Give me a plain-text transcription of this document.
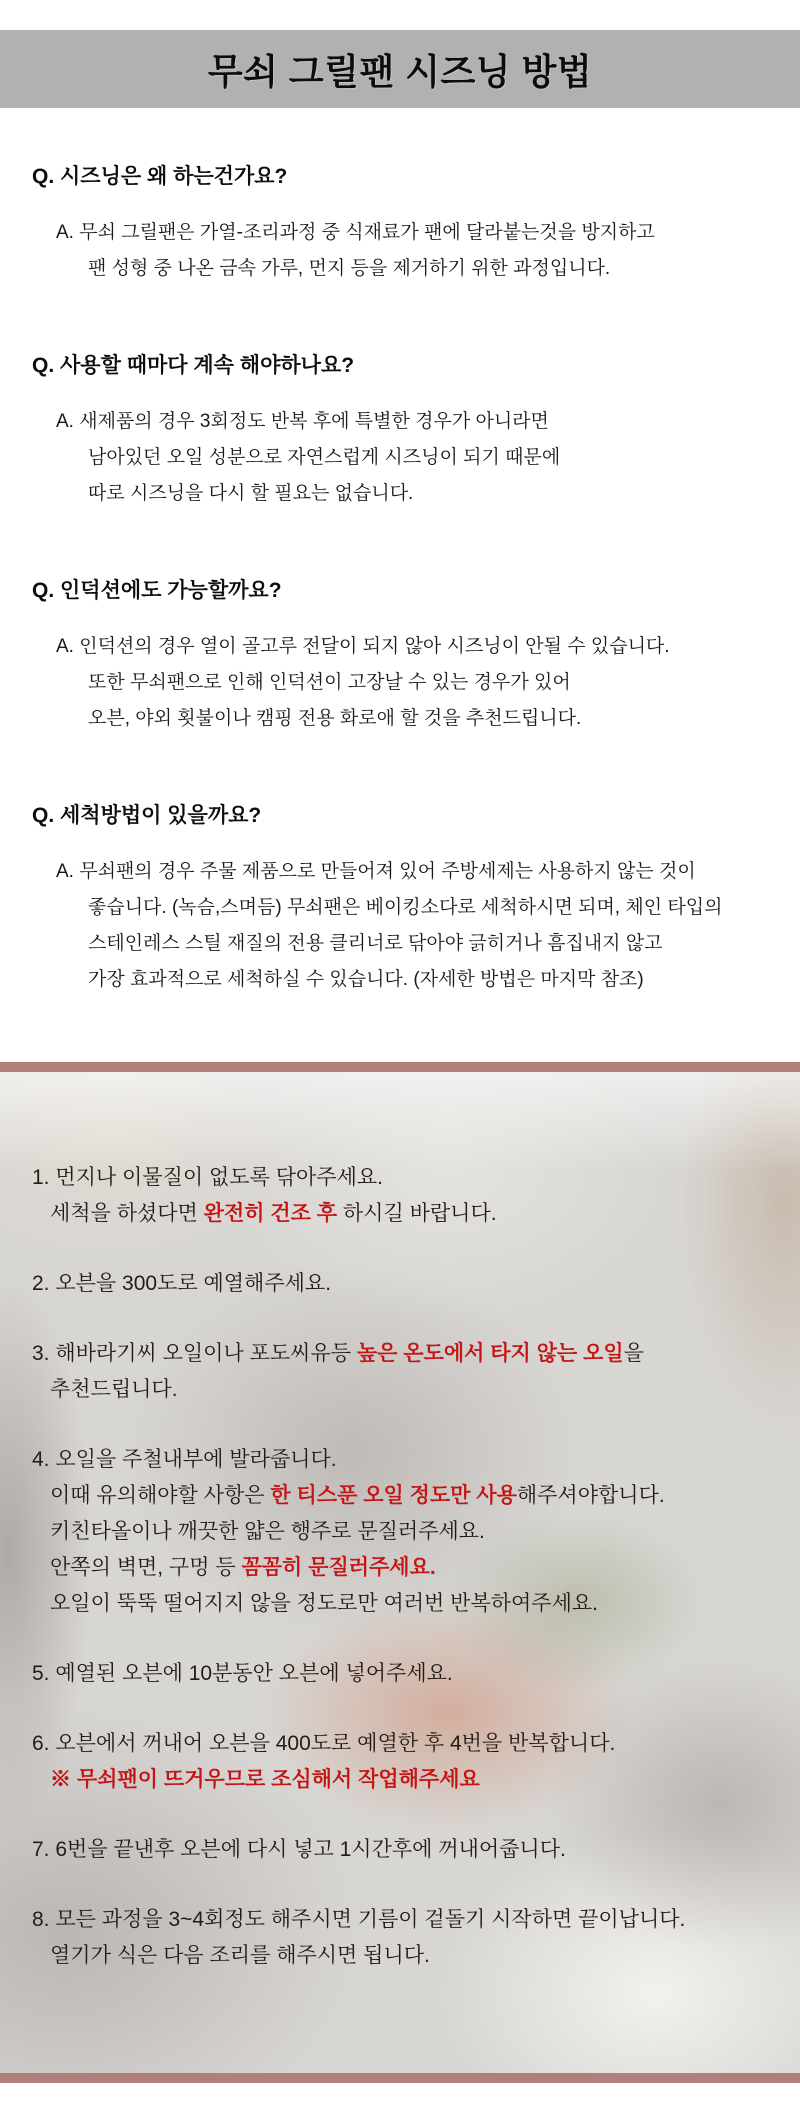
무쇠 그릴팬 시즈닝 방법
Q. 시즈닝은 왜 하는건가요?
A. 무쇠 그릴팬은 가열-조리과정 중 식재료가 팬에 달라붙는것을 방지하고
팬 성형 중 나온 금속 가루, 먼지 등을 제거하기 위한 과정입니다.
Q. 사용할 때마다 계속 해야하나요?
A. 새제품의 경우 3회정도 반복 후에 특별한 경우가 아니라면
남아있던 오일 성분으로 자연스럽게 시즈닝이 되기 때문에
따로 시즈닝을 다시 할 필요는 없습니다.
Q. 인덕션에도 가능할까요?
A. 인덕션의 경우 열이 골고루 전달이 되지 않아 시즈닝이 안될 수 있습니다.
또한 무쇠팬으로 인해 인덕션이 고장날 수 있는 경우가 있어
오븐, 야외 횟불이나 캠핑 전용 화로애 할 것을 추천드립니다.
Q. 세척방법이 있을까요?
A. 무쇠팬의 경우 주물 제품으로 만들어져 있어 주방세제는 사용하지 않는 것이
좋습니다. (녹슴,스며듬) 무쇠팬은 베이킹소다로 세척하시면 되며, 체인 타입의
스테인레스 스틸 재질의 전용 클리너로 닦아야 긁히거나 흠집내지 않고
가장 효과적으로 세척하실 수 있습니다. (자세한 방법은 마지막 참조)
1. 먼지나 이물질이 없도록 닦아주세요.
세척을 하셨다면 완전히 건조 후 하시길 바랍니다.
2. 오븐을 300도로 예열해주세요.
3. 해바라기씨 오일이나 포도씨유등 높은 온도에서 타지 않는 오일을
추천드립니다.
4. 오일을 주철내부에 발라줍니다.
이때 유의해야할 사항은 한 티스푼 오일 정도만 사용해주셔야합니다.
키친타올이나 깨끗한 얇은 행주로 문질러주세요.
안쪽의 벽면, 구멍 등 꼼꼼히 문질러주세요.
오일이 뚝뚝 떨어지지 않을 정도로만 여러번 반복하여주세요.
5. 예열된 오븐에 10분동안 오븐에 넣어주세요.
6. 오븐에서 꺼내어 오븐을 400도로 예열한 후 4번을 반복합니다.
※ 무쇠팬이 뜨거우므로 조심해서 작업해주세요
7. 6번을 끝낸후 오븐에 다시 넣고 1시간후에 꺼내어줍니다.
8. 모든 과정을 3~4회정도 해주시면 기름이 겉돌기 시작하면 끝이납니다.
열기가 식은 다음 조리를 해주시면 됩니다.
